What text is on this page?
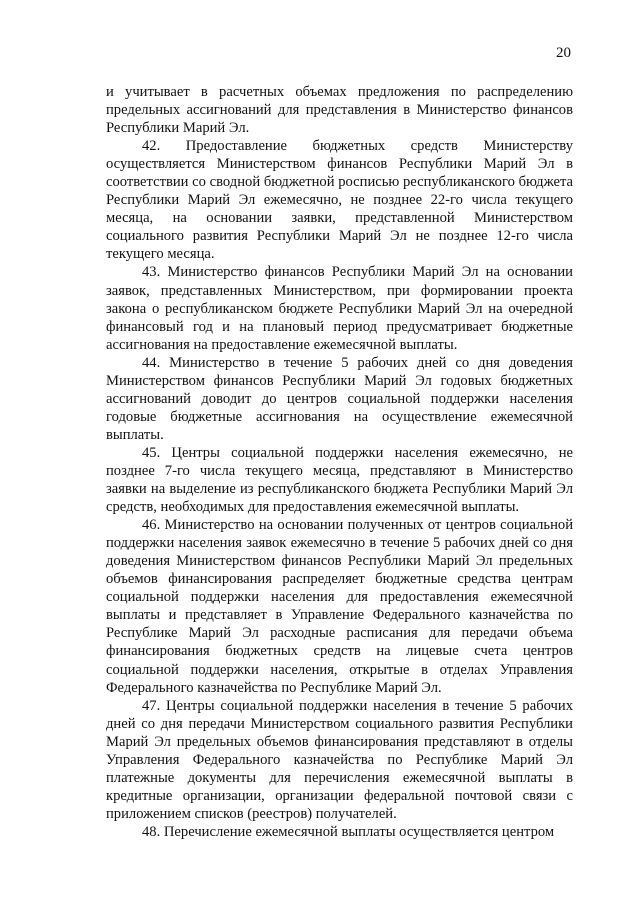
20

и учитывает в расчетных объемах предложения по распределению предельных ассигнований для представления в Министерство финансов Республики Марий Эл.

42. Предоставление бюджетных средств Министерству осуществляется Министерством финансов Республики Марий Эл в соответствии со сводной бюджетной росписью республиканского бюджета Республики Марий Эл ежемесячно, не позднее 22-го числа текущего месяца, на основании заявки, представленной Министерством социального развития Республики Марий Эл не позднее 12-го числа текущего месяца.

43. Министерство финансов Республики Марий Эл на основании заявок, представленных Министерством, при формировании проекта закона о республиканском бюджете Республики Марий Эл на очередной финансовый год и на плановый период предусматривает бюджетные ассигнования на предоставление ежемесячной выплаты.

44. Министерство в течение 5 рабочих дней со дня доведения Министерством финансов Республики Марий Эл годовых бюджетных ассигнований доводит до центров социальной поддержки населения годовые бюджетные ассигнования на осуществление ежемесячной выплаты.

45. Центры социальной поддержки населения ежемесячно, не позднее 7-го числа текущего месяца, представляют в Министерство заявки на выделение из республиканского бюджета Республики Марий Эл средств, необходимых для предоставления ежемесячной выплаты.

46. Министерство на основании полученных от центров социальной поддержки населения заявок ежемесячно в течение 5 рабочих дней со дня доведения Министерством финансов Республики Марий Эл предельных объемов финансирования распределяет бюджетные средства центрам социальной поддержки населения для предоставления ежемесячной выплаты и представляет в Управление Федерального казначейства по Республике Марий Эл расходные расписания для передачи объема финансирования бюджетных средств на лицевые счета центров социальной поддержки населения, открытые в отделах Управления Федерального казначейства по Республике Марий Эл.

47. Центры социальной поддержки населения в течение 5 рабочих дней со дня передачи Министерством социального развития Республики Марий Эл предельных объемов финансирования представляют в отделы Управления Федерального казначейства по Республике Марий Эл платежные документы для перечисления ежемесячной выплаты в кредитные организации, организации федеральной почтовой связи с приложением списков (реестров) получателей.

48. Перечисление ежемесячной выплаты осуществляется центром
